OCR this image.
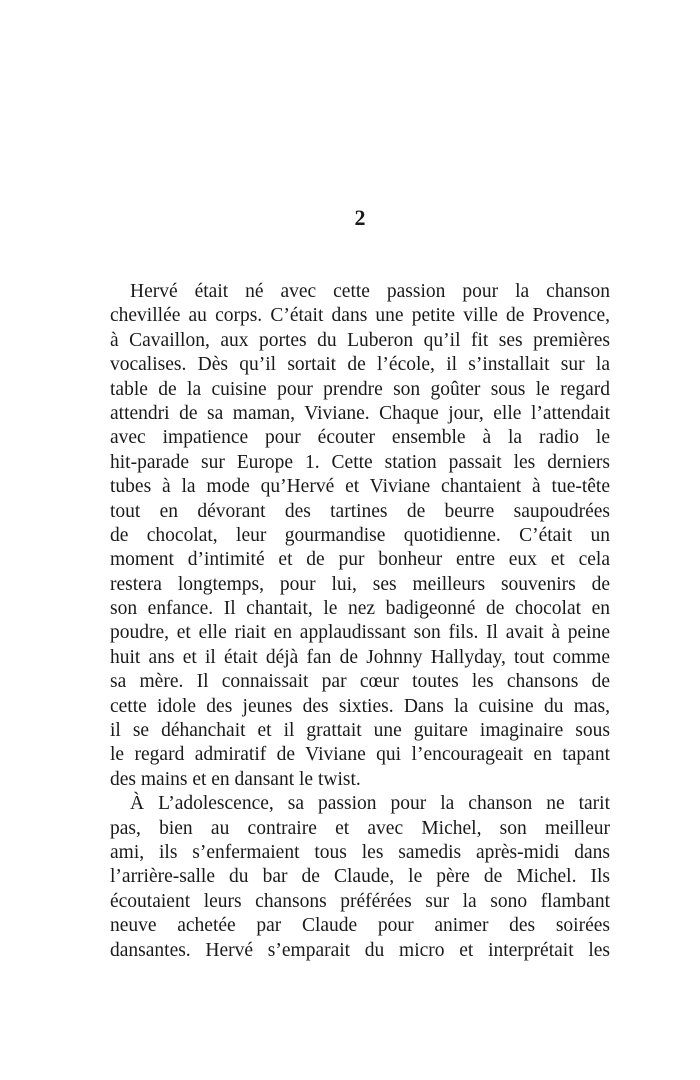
2
Hervé était né avec cette passion pour la chanson
chevillée au corps. C’était dans une petite ville de Provence,
à Cavaillon, aux portes du Luberon qu’il fit ses premières
vocalises. Dès qu’il sortait de l’école, il s’installait sur la
table de la cuisine pour prendre son goûter sous le regard
attendri de sa maman, Viviane. Chaque jour, elle l’attendait
avec impatience pour écouter ensemble à la radio le
hit-parade sur Europe 1. Cette station passait les derniers
tubes à la mode qu’Hervé et Viviane chantaient à tue-tête
tout en dévorant des tartines de beurre saupoudrées
de chocolat, leur gourmandise quotidienne. C’était un
moment d’intimité et de pur bonheur entre eux et cela
restera longtemps, pour lui, ses meilleurs souvenirs de
son enfance. Il chantait, le nez badigeonné de chocolat en
poudre, et elle riait en applaudissant son fils. Il avait à peine
huit ans et il était déjà fan de Johnny Hallyday, tout comme
sa mère. Il connaissait par cœur toutes les chansons de
cette idole des jeunes des sixties. Dans la cuisine du mas,
il se déhanchait et il grattait une guitare imaginaire sous
le regard admiratif de Viviane qui l’encourageait en tapant
des mains et en dansant le twist.
À L’adolescence, sa passion pour la chanson ne tarit
pas, bien au contraire et avec Michel, son meilleur
ami, ils s’enfermaient tous les samedis après-midi dans
l’arrière-salle du bar de Claude, le père de Michel. Ils
écoutaient leurs chansons préférées sur la sono flambant
neuve achetée par Claude pour animer des soirées
dansantes. Hervé s’emparait du micro et interprétait les
